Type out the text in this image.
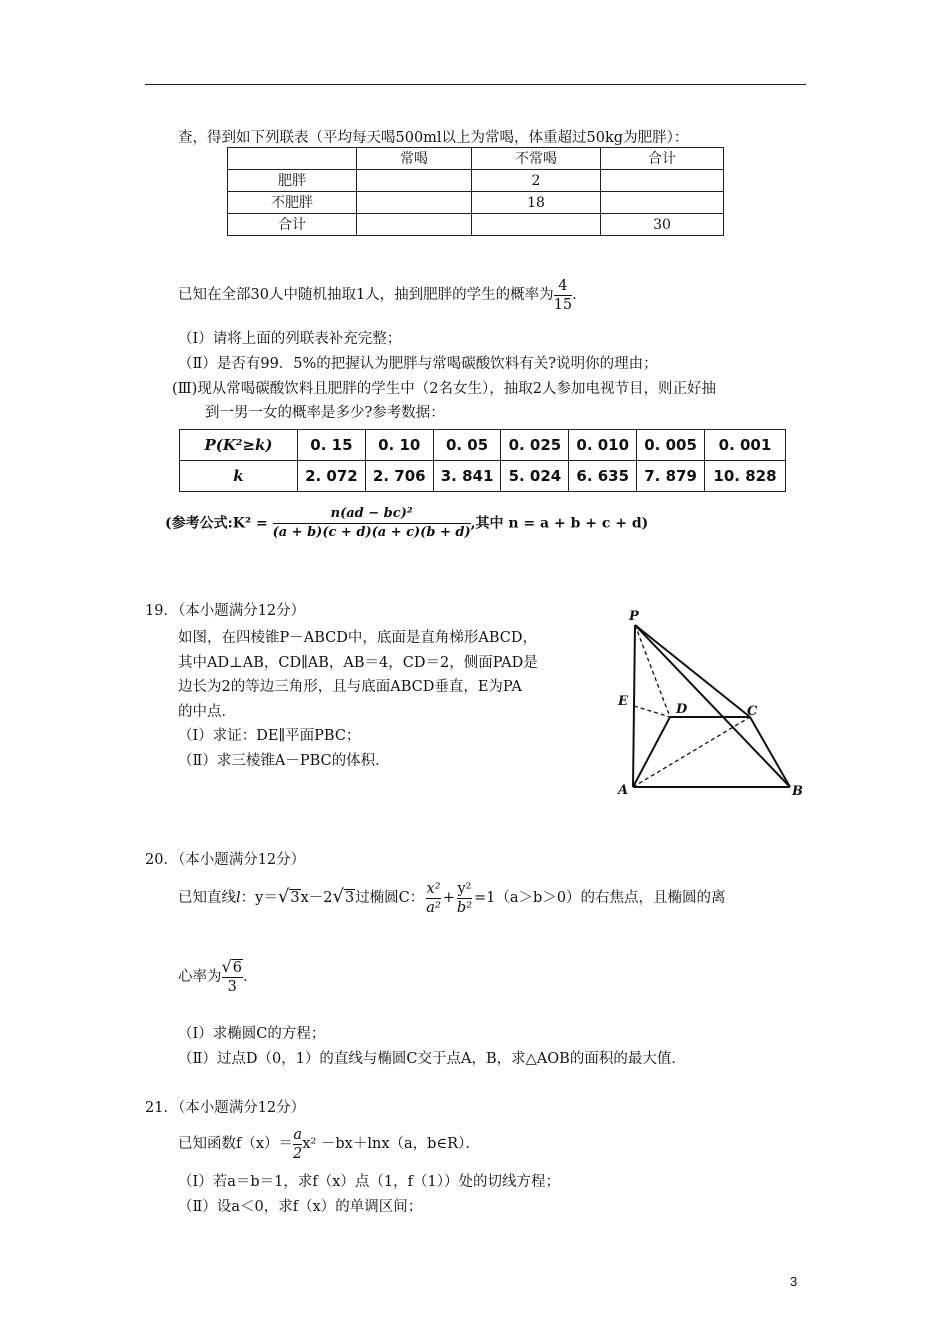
查，得到如下列联表（平均每天喝500ml以上为常喝，体重超过50kg为肥胖）：
	常喝	不常喝	合计
肥胖		2	
不肥胖		18	
合计			30
已知在全部30人中随机抽取1人，抽到肥胖的学生的概率为 $\frac{4}{15}$ .
（Ⅰ）请将上面的列联表补充完整；
（Ⅱ）是否有99．5%的把握认为肥胖与常喝碳酸饮料有关?说明你的理由；
(Ⅲ)现从常喝碳酸饮料且肥胖的学生中（2名女生），抽取2人参加电视节目，则正好抽
到一男一女的概率是多少?参考数据：
P(K²≥k)	0. 15	0. 10	0. 05	0. 025	0. 010	0. 005	0. 001
k	2. 072	2. 706	3. 841	5. 024	6. 635	7. 879	10. 828
(参考公式:K² = $\frac{\text{n(ad − bc)²}}{(a + b)(c + d)(a + c)(b + d)}$ ,其中 n = a + b + c + d)
19．（本小题满分12分）
如图，在四棱锥P－ABCD中，底面是直角梯形ABCD，
其中AD⊥AB，CD∥AB，AB＝4，CD＝2，侧面PAD是
边长为2的等边三角形，且与底面ABCD垂直，E为PA
的中点．
（Ⅰ）求证：DE∥平面PBC；
（Ⅱ）求三棱锥A－PBC的体积．
P
E
D	C
A	B
20．（本小题满分12分）
已知直线l：y＝√3x－2√3过椭圆C： $\frac{\text{x²}}{\text{a²}} + \frac{\text{y²}}{\text{b²}} =1(a>b>0)$的右焦点，且椭圆的离
心率为 $\frac{√6}{3}$ ．
（Ⅰ）求椭圆C的方程；
（Ⅱ）过点D（0，1）的直线与椭圆C交于点A，B，求△AOB的面积的最大值．
21．（本小题满分12分）
已知函数$f(x)= \frac{a}{2} x^2 -bx+\ln x(a$，b∈R）．
（Ⅰ）若a＝b＝1，求f（x）点（1，f（1））处的切线方程；
（Ⅱ）设a＜0，求f（x）的单调区间；
3
